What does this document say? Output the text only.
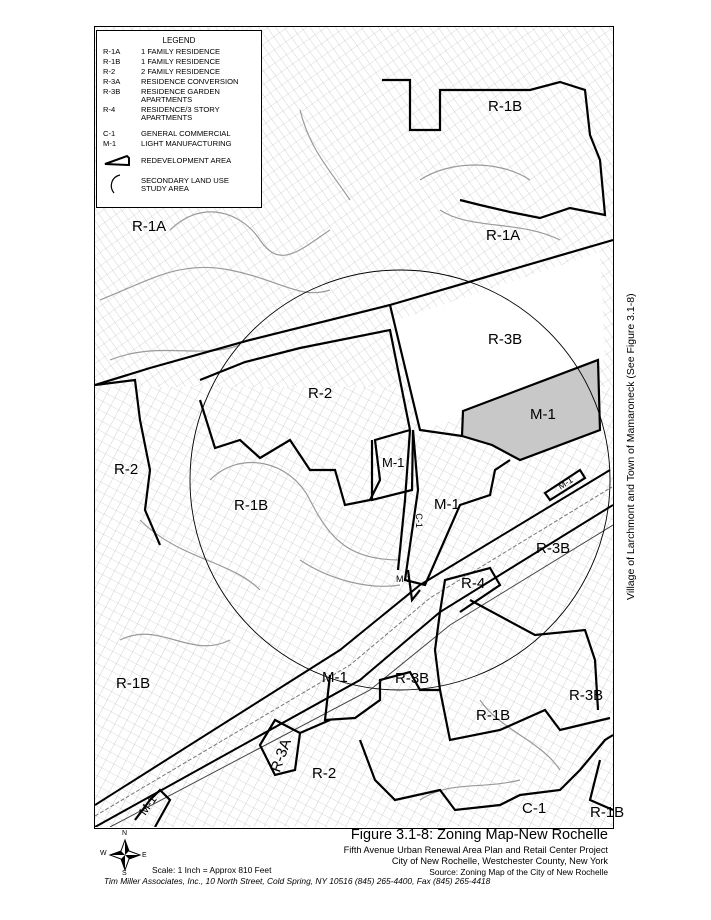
LEGEND
R-1A	1 FAMILY RESIDENCE
R-1B	1 FAMILY RESIDENCE
R-2	2 FAMILY RESIDENCE
R-3A	RESIDENCE CONVERSION
R-3B	RESIDENCE GARDEN
APARTMENTS
R-4	RESIDENCE/3 STORY
APARTMENTS
C-1	GENERAL COMMERCIAL
M-1	LIGHT MANUFACTURING
REDEVELOPMENT AREA
SECONDARY LAND USE
STUDY AREA
R-1B
R-1A
R-1A
R-3B
R-2
M-1
R-2	M-1
M-1
R-1B
C-1
M-1
R-3B
M-1	R-4
R-1B	M-1	R-3B
R-3B
R-1B
R-3A R-2
M-1	C-1	R-1B
Village of Larchmont and Town of Mamaroneck (See Figure 3.1-8)
Figure 3.1-8: Zoning Map-New Rochelle
Fifth Avenue Urban Renewal Area Plan and Retail Center Project
City of New Rochelle, Westchester County, New York
Source: Zoning Map of the City of New Rochelle
Scale: 1 Inch = Approx 810 Feet
N
S
E
W
Tim Miller Associates, Inc., 10 North Street, Cold Spring, NY 10516 (845) 265-4400, Fax (845) 265-4418
